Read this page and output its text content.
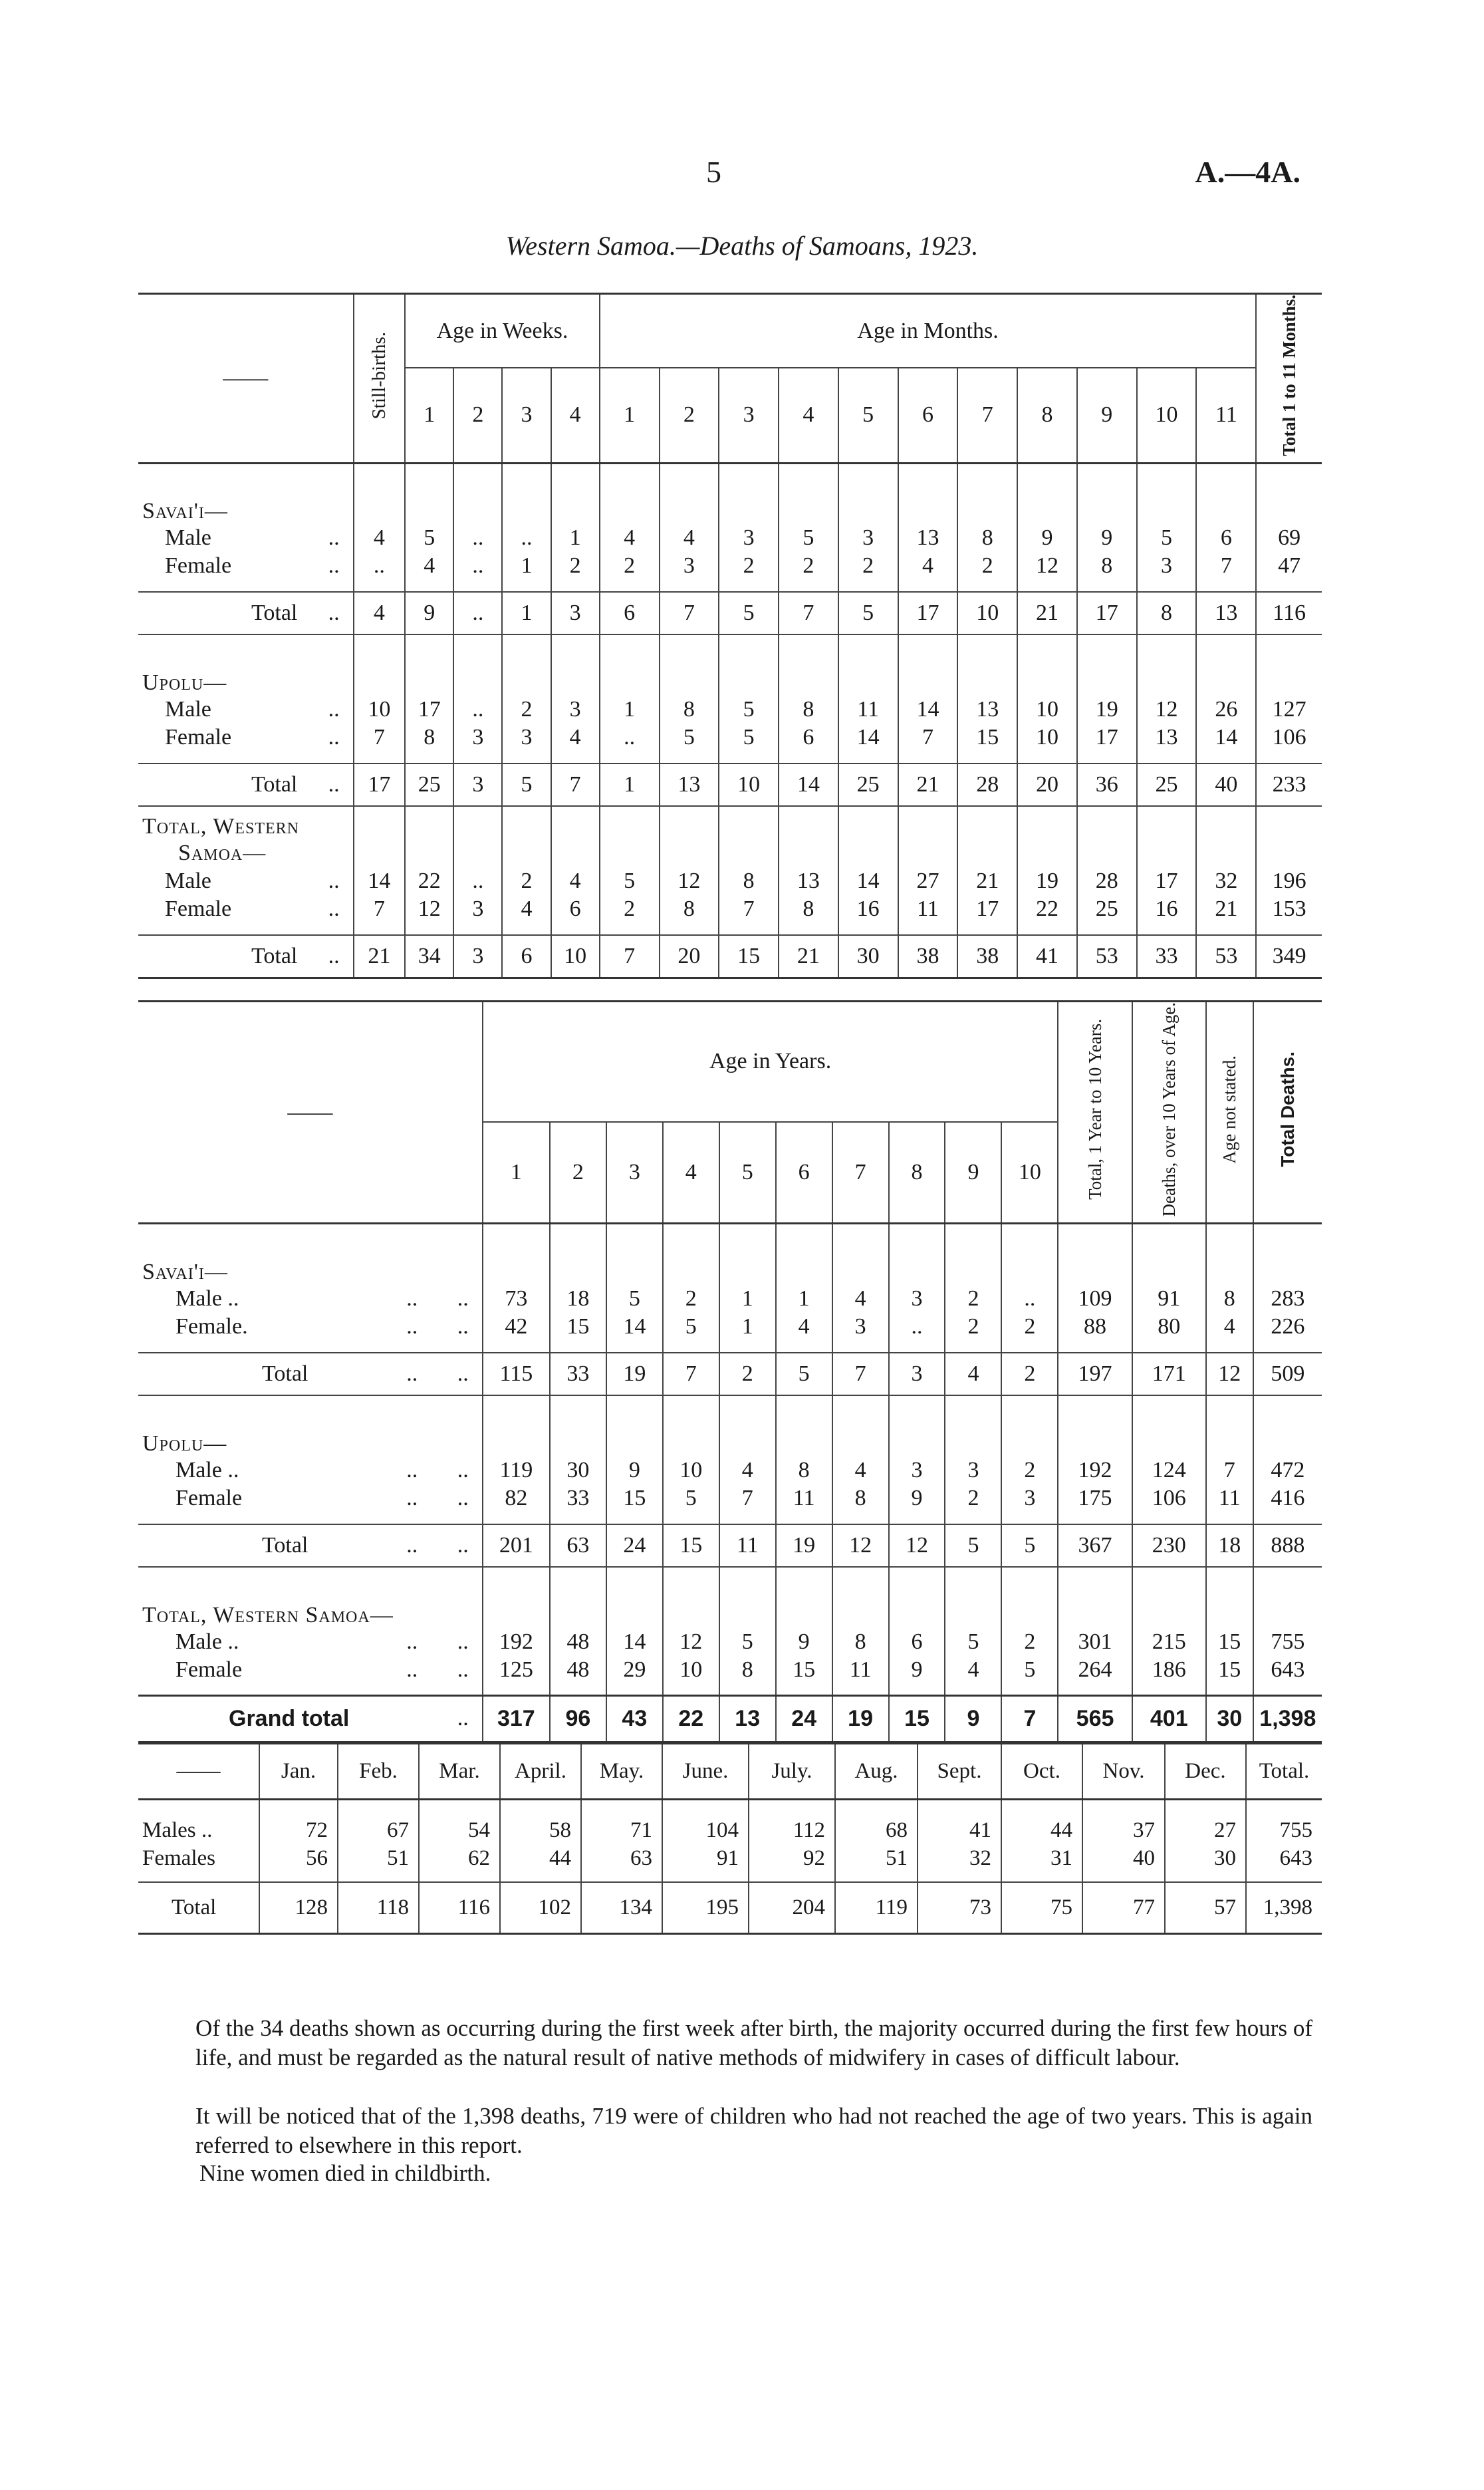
5	A.—4A.
Western Samoa.—Deaths of Samoans, 1923.
——	Still-births.	Age in Weeks.				Age in Months.											Total 1 to 11 Months.
		1	2	3	4	1	2	3	4	5	6	7	8	9	10	11	
Savai'i—																	
Male ..	4	5	..	..	1	4	4	3	5	3	13	8	9	9	5	6	69
Female ..	..	4	..	1	2	2	3	2	2	2	4	2	12	8	3	7	47

Total ..	4	9	..	1	3	6	7	5	7	5	17	10	21	17	8	13	116
Upolu—																	
Male ..	10	17	..	2	3	1	8	5	8	11	14	13	10	19	12	26	127
Female ..	7	8	3	3	4	..	5	5	6	14	7	15	10	17	13	14	106

Total ..	17	25	3	5	7	1	13	10	14	25	21	28	20	36	25	40	233
Total, Western																	
Samoa—																	
Male ..	14	22	..	2	4	5	12	8	13	14	27	21	19	28	17	32	196
Female ..	7	12	3	4	6	2	8	7	8	16	11	17	22	25	16	21	153

Total ..	21	34	3	6	10	7	20	15	21	30	38	38	41	53	33	53	349
——	Age in Years.										Total, 1 Year to 10 Years.	Deaths, over 10 Years of Age.	Age not stated.	Total Deaths.
	1	2	3	4	5	6	7	8	9	10				
Savai'i—														
Male .. ..       ..	73	18	5	2	1	1	4	3	2	..	109	91	8	283
Female. ..       ..	42	15	14	5	1	4	3	..	2	2	88	80	4	226

Total ..       ..	115	33	19	7	2	5	7	3	4	2	197	171	12	509
Upolu—														
Male .. ..       ..	119	30	9	10	4	8	4	3	3	2	192	124	7	472
Female ..       ..	82	33	15	5	7	11	8	9	2	3	175	106	11	416

Total ..       ..	201	63	24	15	11	19	12	12	5	5	367	230	18	888
Total, Western Samoa—														
Male .. ..       ..	192	48	14	12	5	9	8	6	5	2	301	215	15	755
Female ..       ..	125	48	29	10	8	15	11	9	4	5	264	186	15	643

Grand total ..	317	96	43	22	13	24	19	15	9	7	565	401	30	1,398
——	Jan.	Feb.	Mar.	April.	May.	June.	July.	Aug.	Sept.	Oct.	Nov.	Dec.	Total.

Males ..	72	67	54	58	71	104	112	68	41	44	37	27	755
Females	56	51	62	44	63	91	92	51	32	31	40	30	643

Total	128	118	116	102	134	195	204	119	73	75	77	57	1,398
Of the 34 deaths shown as occurring during the first week after birth, the majority occurred during the first few hours of life, and must be regarded as the natural result of native methods of midwifery in cases of difficult labour.
It will be noticed that of the 1,398 deaths, 719 were of children who had not reached the age of two years. This is again referred to elsewhere in this report.
Nine women died in childbirth.
